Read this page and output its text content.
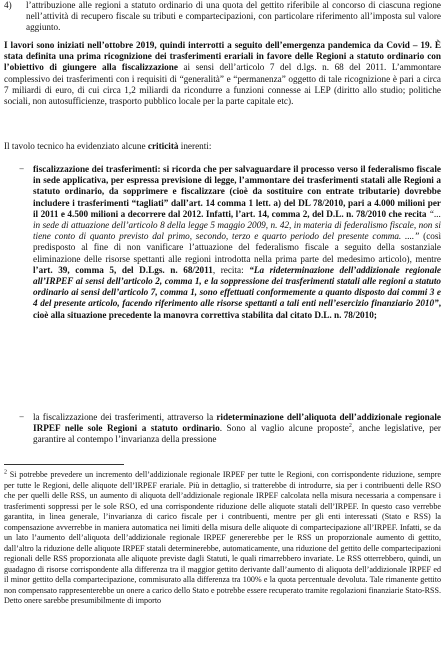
4)	l’attribuzione alle regioni a statuto ordinario di una quota del gettito riferibile al concorso di ciascuna regione nell’attività di recupero fiscale su tributi e compartecipazioni, con particolare riferimento all’imposta sul valore aggiunto.
I lavori sono iniziati nell’ottobre 2019, quindi interrotti a seguito dell’emergenza pandemica da Covid – 19. È stata definita una prima ricognizione dei trasferimenti erariali in favore delle Regioni a statuto ordinario con l’obiettivo di giungere alla fiscalizzazione ai sensi dell’articolo 7 del d.lgs. n. 68 del 2011. L’ammontare complessivo dei trasferimenti con i requisiti di “generalità” e “permanenza” oggetto di tale ricognizione è pari a circa 7 miliardi di euro, di cui circa 1,2 miliardi da ricondurre a funzioni connesse ai LEP (diritto allo studio; politiche sociali, non autosufficienze, trasporto pubblico locale per la parte capitale etc).
Il tavolo tecnico ha evidenziato alcune criticità inerenti:
− fiscalizzazione dei trasferimenti: si ricorda che per salvaguardare il processo verso il federalismo fiscale in sede applicativa, per espressa previsione di legge, l’ammontare dei trasferimenti statali alle Regioni a statuto ordinario, da sopprimere e fiscalizzare (cioè da sostituire con entrate tributarie) dovrebbe includere i trasferimenti “tagliati” dall’art. 14 comma 1 lett. a) del DL 78/2010, pari a 4.000 milioni per il 2011 e 4.500 milioni a decorrere dal 2012. Infatti, l’art. 14, comma 2, del D.L. n. 78/2010 che recita “... in sede di attuazione dell’articolo 8 della legge 5 maggio 2009, n. 42, in materia di federalismo fiscale, non si tiene conto di quanto previsto dal primo, secondo, terzo e quarto periodo del presente comma. ....” (così predisposto al fine di non vanificare l’attuazione del federalismo fiscale a seguito della sostanziale eliminazione delle risorse spettanti alle regioni introdotta nella prima parte del medesimo articolo), mentre l’art. 39, comma 5, del D.Lgs. n. 68/2011, recita: “La rideterminazione dell’addizionale regionale all’IRPEF ai sensi dell’articolo 2, comma 1, e la soppressione dei trasferimenti statali alle regioni a statuto ordinario ai sensi dell’articolo 7, comma 1, sono effettuati conformemente a quanto disposto dai commi 3 e 4 del presente articolo, facendo riferimento alle risorse spettanti a tali enti nell’esercizio finanziario 2010”, cioè alla situazione precedente la manovra correttiva stabilita dal citato D.L. n. 78/2010;
− la fiscalizzazione dei trasferimenti, attraverso la rideterminazione dell’aliquota dell’addizionale regionale IRPEF nelle sole Regioni a statuto ordinario. Sono al vaglio alcune proposte$^2$, anche legislative, per garantire al contempo l’invarianza della pressione
$^2$ Si potrebbe prevedere un incremento dell’addizionale regionale IRPEF per tutte le Regioni, con corrispondente riduzione, sempre per tutte le Regioni, delle aliquote dell’IRPEF erariale. Più in dettaglio, si tratterebbe di introdurre, sia per i contribuenti delle RSO che per quelli delle RSS, un aumento di aliquota dell’addizionale regionale IRPEF calcolata nella misura necessaria a compensare i trasferimenti soppressi per le sole RSO, ed una corrispondente riduzione delle aliquote statali dell’IRPEF. In questo caso verrebbe garantita, in linea generale, l’invarianza di carico fiscale per i contribuenti, mentre per gli enti interessati (Stato e RSS) la compensazione avverrebbe in maniera automatica nei limiti della misura delle aliquote di compartecipazione all’IRPEF. Infatti, se da un lato l’aumento dell’aliquota dell’addizionale regionale IRPEF genererebbe per le RSS un proporzionale aumento di gettito, dall’altro la riduzione delle aliquote IRPEF statali determinerebbe, automaticamente, una riduzione del gettito delle compartecipazioni regionali delle RSS proporzionata alle aliquote previste dagli Statuti, le quali rimarrebbero invariate. Le RSS otterrebbero, quindi, un guadagno di risorse corrispondente alla differenza tra il maggior gettito derivante dall’aumento di aliquota dell’addizionale IRPEF ed il minor gettito della compartecipazione, commisurato alla differenza tra 100% e la quota percentuale devoluta. Tale rimanente gettito non compensato rappresenterebbe un onere a carico dello Stato e potrebbe essere recuperato tramite regolazioni finanziarie Stato-RSS. Detto onere sarebbe presumibilmente di importo
